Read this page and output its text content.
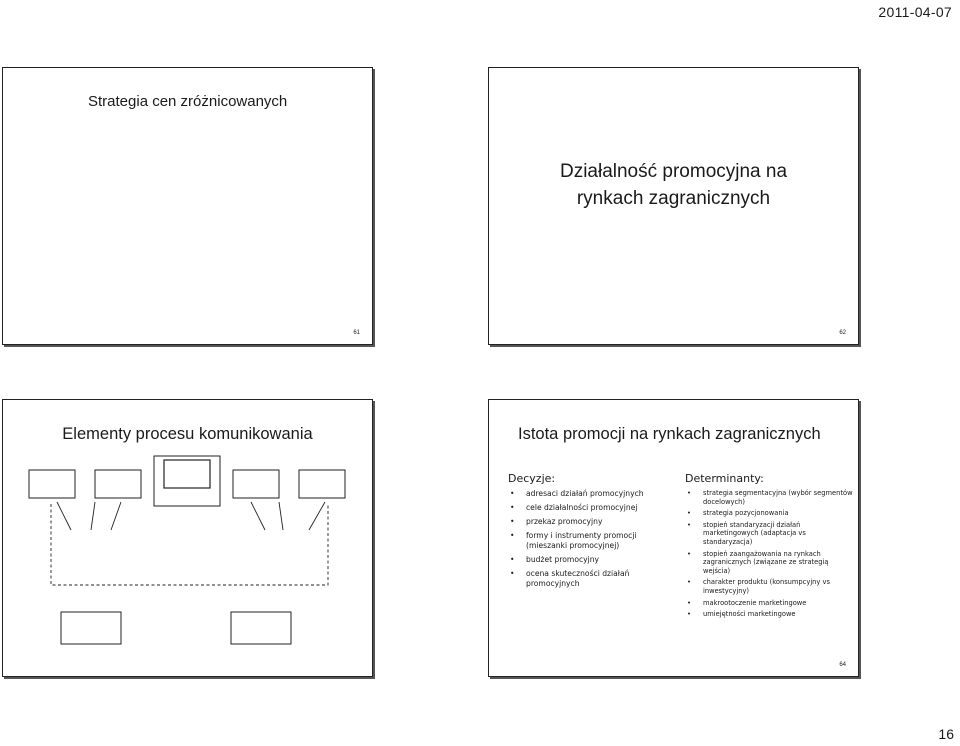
2011-04-07
Strategia cen zróżnicowanych
61
Działalność promocyjna na
rynkach zagranicznych
62
Elementy procesu komunikowania	Istota promocji na rynkach zagranicznych
Decyzje:
• adresaci działań promocyjnych
• cele działalności promocyjnej
• przekaz promocyjny
• formy i instrumenty promocji (mieszanki promocyjnej)
• budżet promocyjny
• ocena skuteczności działań promocyjnych
Determinanty:
• strategia segmentacyjna (wybór segmentów docelowych)
• strategia pozycjonowania
• stopień standaryzacji działań marketingowych (adaptacja vs standaryzacja)
• stopień zaangażowania na rynkach zagranicznych (związane ze strategią wejścia)
• charakter produktu (konsumpcyjny vs inwestycyjny)
• makrootoczenie marketingowe
• umiejętności marketingowe
64
16
